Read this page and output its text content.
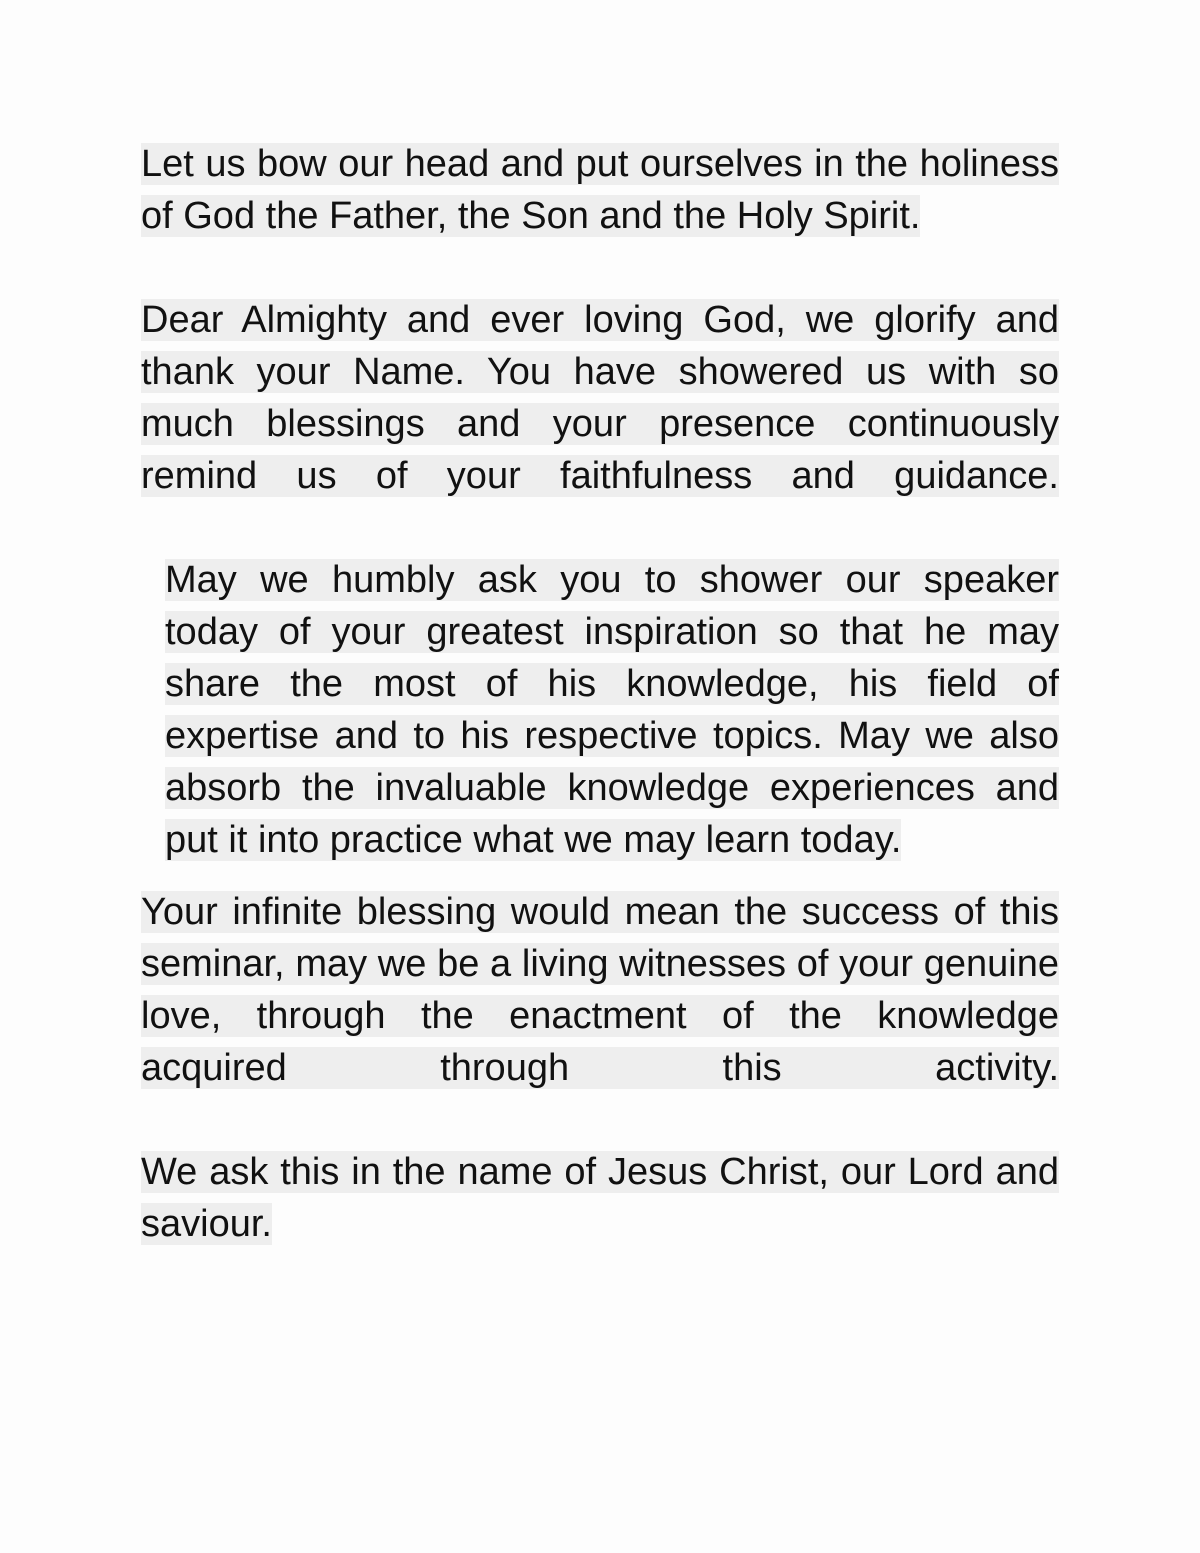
Let us bow our head and put ourselves in the holiness of God the Father, the Son and the Holy Spirit.

Dear Almighty and ever loving God, we glorify and thank your Name. You have showered us with so much blessings and your presence continuously remind us of your faithfulness and guidance.

May we humbly ask you to shower our speaker today of your greatest inspiration so that he may share the most of his knowledge, his field of expertise and to his respective topics. May we also absorb the invaluable knowledge experiences and put it into practice what we may learn today.

Your infinite blessing would mean the success of this seminar, may we be a living witnesses of your genuine love, through the enactment of the knowledge acquired through this activity.

We ask this in the name of Jesus Christ, our Lord and saviour.
